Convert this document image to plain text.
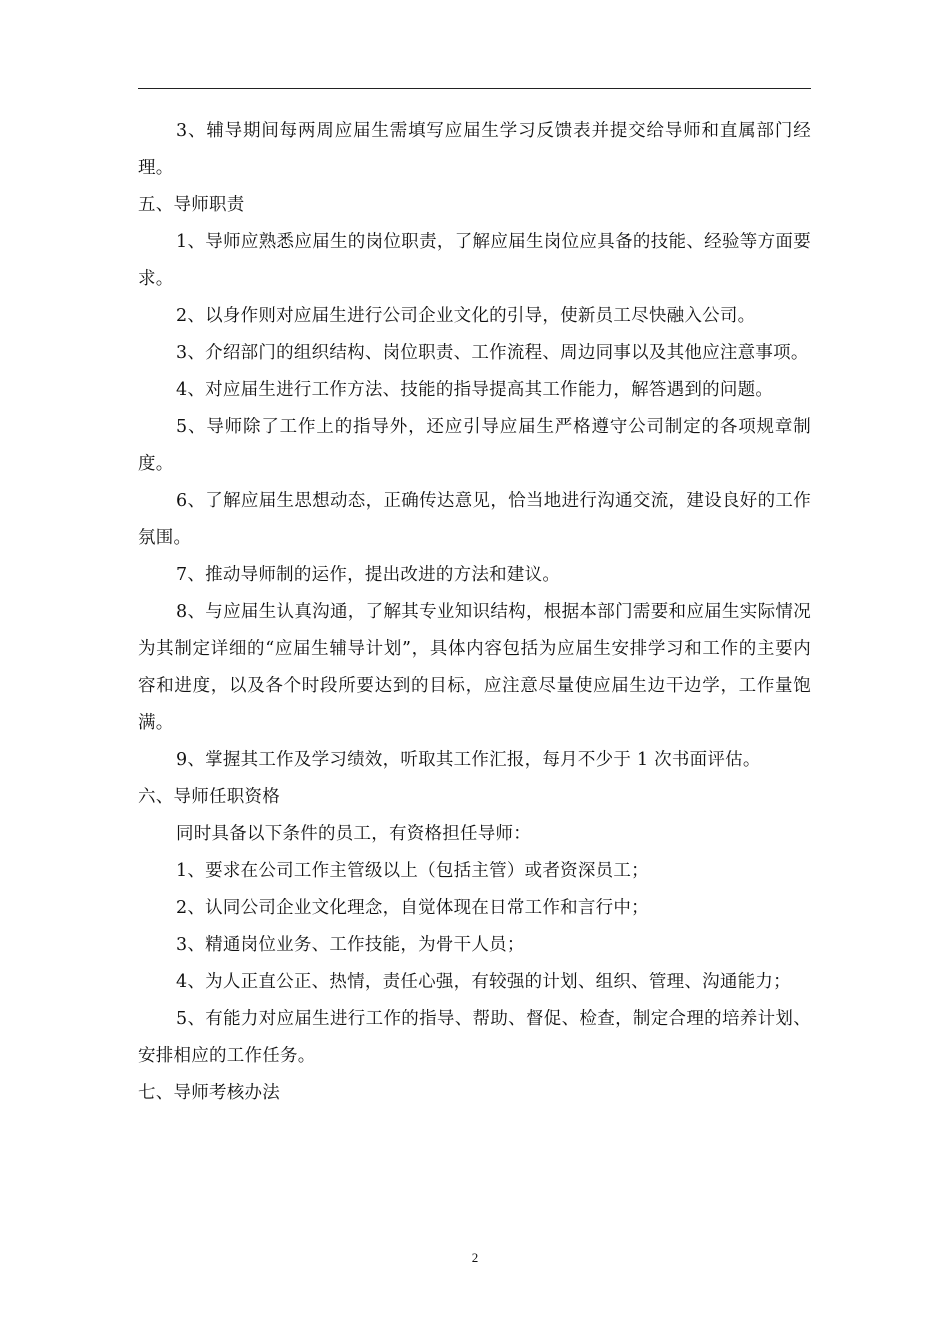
3、辅导期间每两周应届生需填写应届生学习反馈表并提交给导师和直属部门经理。

五、导师职责

1、导师应熟悉应届生的岗位职责，了解应届生岗位应具备的技能、经验等方面要求。

2、以身作则对应届生进行公司企业文化的引导，使新员工尽快融入公司。

3、介绍部门的组织结构、岗位职责、工作流程、周边同事以及其他应注意事项。

4、对应届生进行工作方法、技能的指导提高其工作能力，解答遇到的问题。

5、导师除了工作上的指导外，还应引导应届生严格遵守公司制定的各项规章制度。

6、了解应届生思想动态，正确传达意见，恰当地进行沟通交流，建设良好的工作氛围。

7、推动导师制的运作，提出改进的方法和建议。

8、与应届生认真沟通，了解其专业知识结构，根据本部门需要和应届生实际情况为其制定详细的“应届生辅导计划”，具体内容包括为应届生安排学习和工作的主要内容和进度，以及各个时段所要达到的目标，应注意尽量使应届生边干边学，工作量饱满。

9、掌握其工作及学习绩效，听取其工作汇报，每月不少于 1 次书面评估。

六、导师任职资格

同时具备以下条件的员工，有资格担任导师：

1、要求在公司工作主管级以上（包括主管）或者资深员工；

2、认同公司企业文化理念，自觉体现在日常工作和言行中；

3、精通岗位业务、工作技能，为骨干人员；

4、为人正直公正、热情，责任心强，有较强的计划、组织、管理、沟通能力；

5、有能力对应届生进行工作的指导、帮助、督促、检查，制定合理的培养计划、安排相应的工作任务。

七、导师考核办法

2
